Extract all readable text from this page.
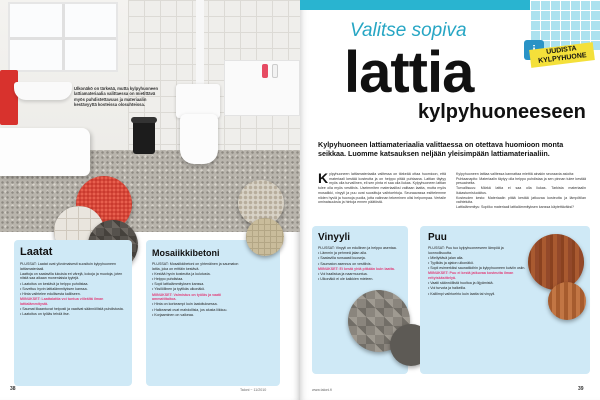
Ulkonäkö on tärkeää, mutta kylpyhuoneen lattiamateriaalia valittaessa on mietittävä myös puhdistettavuus ja materiaalin kestävyyttä kosteissa olosuhteissa.
Laatat

PLUSSAT: Laatat ovat ylivoimaisesti suosituin kylpyhuoneen lattiamateriaali.

Laattoja on saatavilla lukuisia eri värejä, kokoja ja muotoja, joten niistä saa aikaan monenlaisia tyylejä.

• Laatoitus on kestävä ja helppo puhdistaa.

• Soveltuu hyvin lattialämmityksen kanssa.

• Hinta vaihtelee edullisesta kalliiseen.

MIINUKSET: Laattalattia voi tuntua viileältä ilman lattialämmitystä.

• Saumat likaantuvat helposti ja vaativat säännöllistä puhdistusta.

• Laatoitus on työläs tehdä itse.

Mosaiikkibetoni

PLUSSAT: Mosaiikkibetoni on yhtenäinen ja saumaton lattia, joka on erittäin kestävä.

• Kestää hyvin kosteutta ja kulutusta.

• Helppo puhdistaa.

• Sopii lattialämmityksen kanssa.

• Yksilöllinen ja tyylikäs ulkonäkö.

MIINUKSET: Valmistus on työläs ja vaatii ammattitaitoa.

• Hinta on korkeampi kuin laatoituksessa.

• Halkeamat ovat mahdollisia, jos alusta liikkuu.

• Korjaaminen on vaikeaa.

38	Taloni ~ 11/2010
Valitse sopiva
lattia
kylpyhuoneeseen
UUDISTA KYLPYHUONE
Kylpyhuoneen lattiamateriaalia valittaessa on otettava huomioon monta seikkaa. Luomme katsauksen neljään yleisimpään lattiamateriaaliin.
Kylpyhuoneen lattiamateriaalia valitessa on tärkeää ottaa huomioon, että materiaali kestää kosteutta ja on helppo pitää puhtaana. Lattian täytyy myös olla turvallinen, eli sen pinta ei saa olla liukas. Kylpyhuoneen lattian tulee olla myös vesitiivis. Useimmiten materiaaliksi valitaan laatta, mutta myös mosaiikki, vinyyli ja puu ovat suosittuja vaihtoehtoja. Seuraavassa esittelemme niiden hyviä ja huonoja puolia, jotta valinnan tekeminen olisi helpompaa. Vertaile ominaisuuksia ja hintoja ennen päätöstä.

Kylpyhuoneen lattiaa valitessa kannattaa miettiä ainakin seuraavia asioita:

Puhtaanapito: Materiaalin täytyy olla helppo puhdistaa ja sen pinnan tulee kestää pesuaineita.

Turvallisuus: Märkä lattia ei saa olla liukas. Tarkista materiaalin liukastumisluokitus.

Kosteuden kesto: Materiaalin pitää kestää jatkuvaa kosteutta ja lämpötilan vaihteluita.

Lattialämmitys: Sopiiko materiaali lattialämmityksen kanssa käytettäväksi?

Vinyyli

PLUSSAT: Vinyyli on edullinen ja helppo asentaa.

• Lämmin ja pehmeä jalan alla.

• Saatavilla runsaasti kuoseja.

• Saumaton asennus on vesitiivis.

MIINUKSET: Ei kestä yhtä pitkään kuin laatta.

• Voi haalistua ja naarmuuntua.

• Ulkonäkö ei ole kaikkien mieleen.

Puu

PLUSSAT: Puu tuo kylpyhuoneeseen lämpöä ja luonnollisuutta.

• Miellyttävä jalan alla.

• Tyylikäs ja ajaton ulkonäkö.

• Sopii esimerkiksi saunatiloihin ja kylpyhuoneen kuiviin osiin.

MIINUKSET: Puu ei kestä jatkuvaa kosteutta ilman erityiskäsittelyä.

• Vaatii säännöllistä huoltoa ja öljyämistä.

• Voi turvota ja halkeilla.

• Kalliimpi vaihtoehto kuin laatta tai vinyyli.

www.taloni.fi	39
